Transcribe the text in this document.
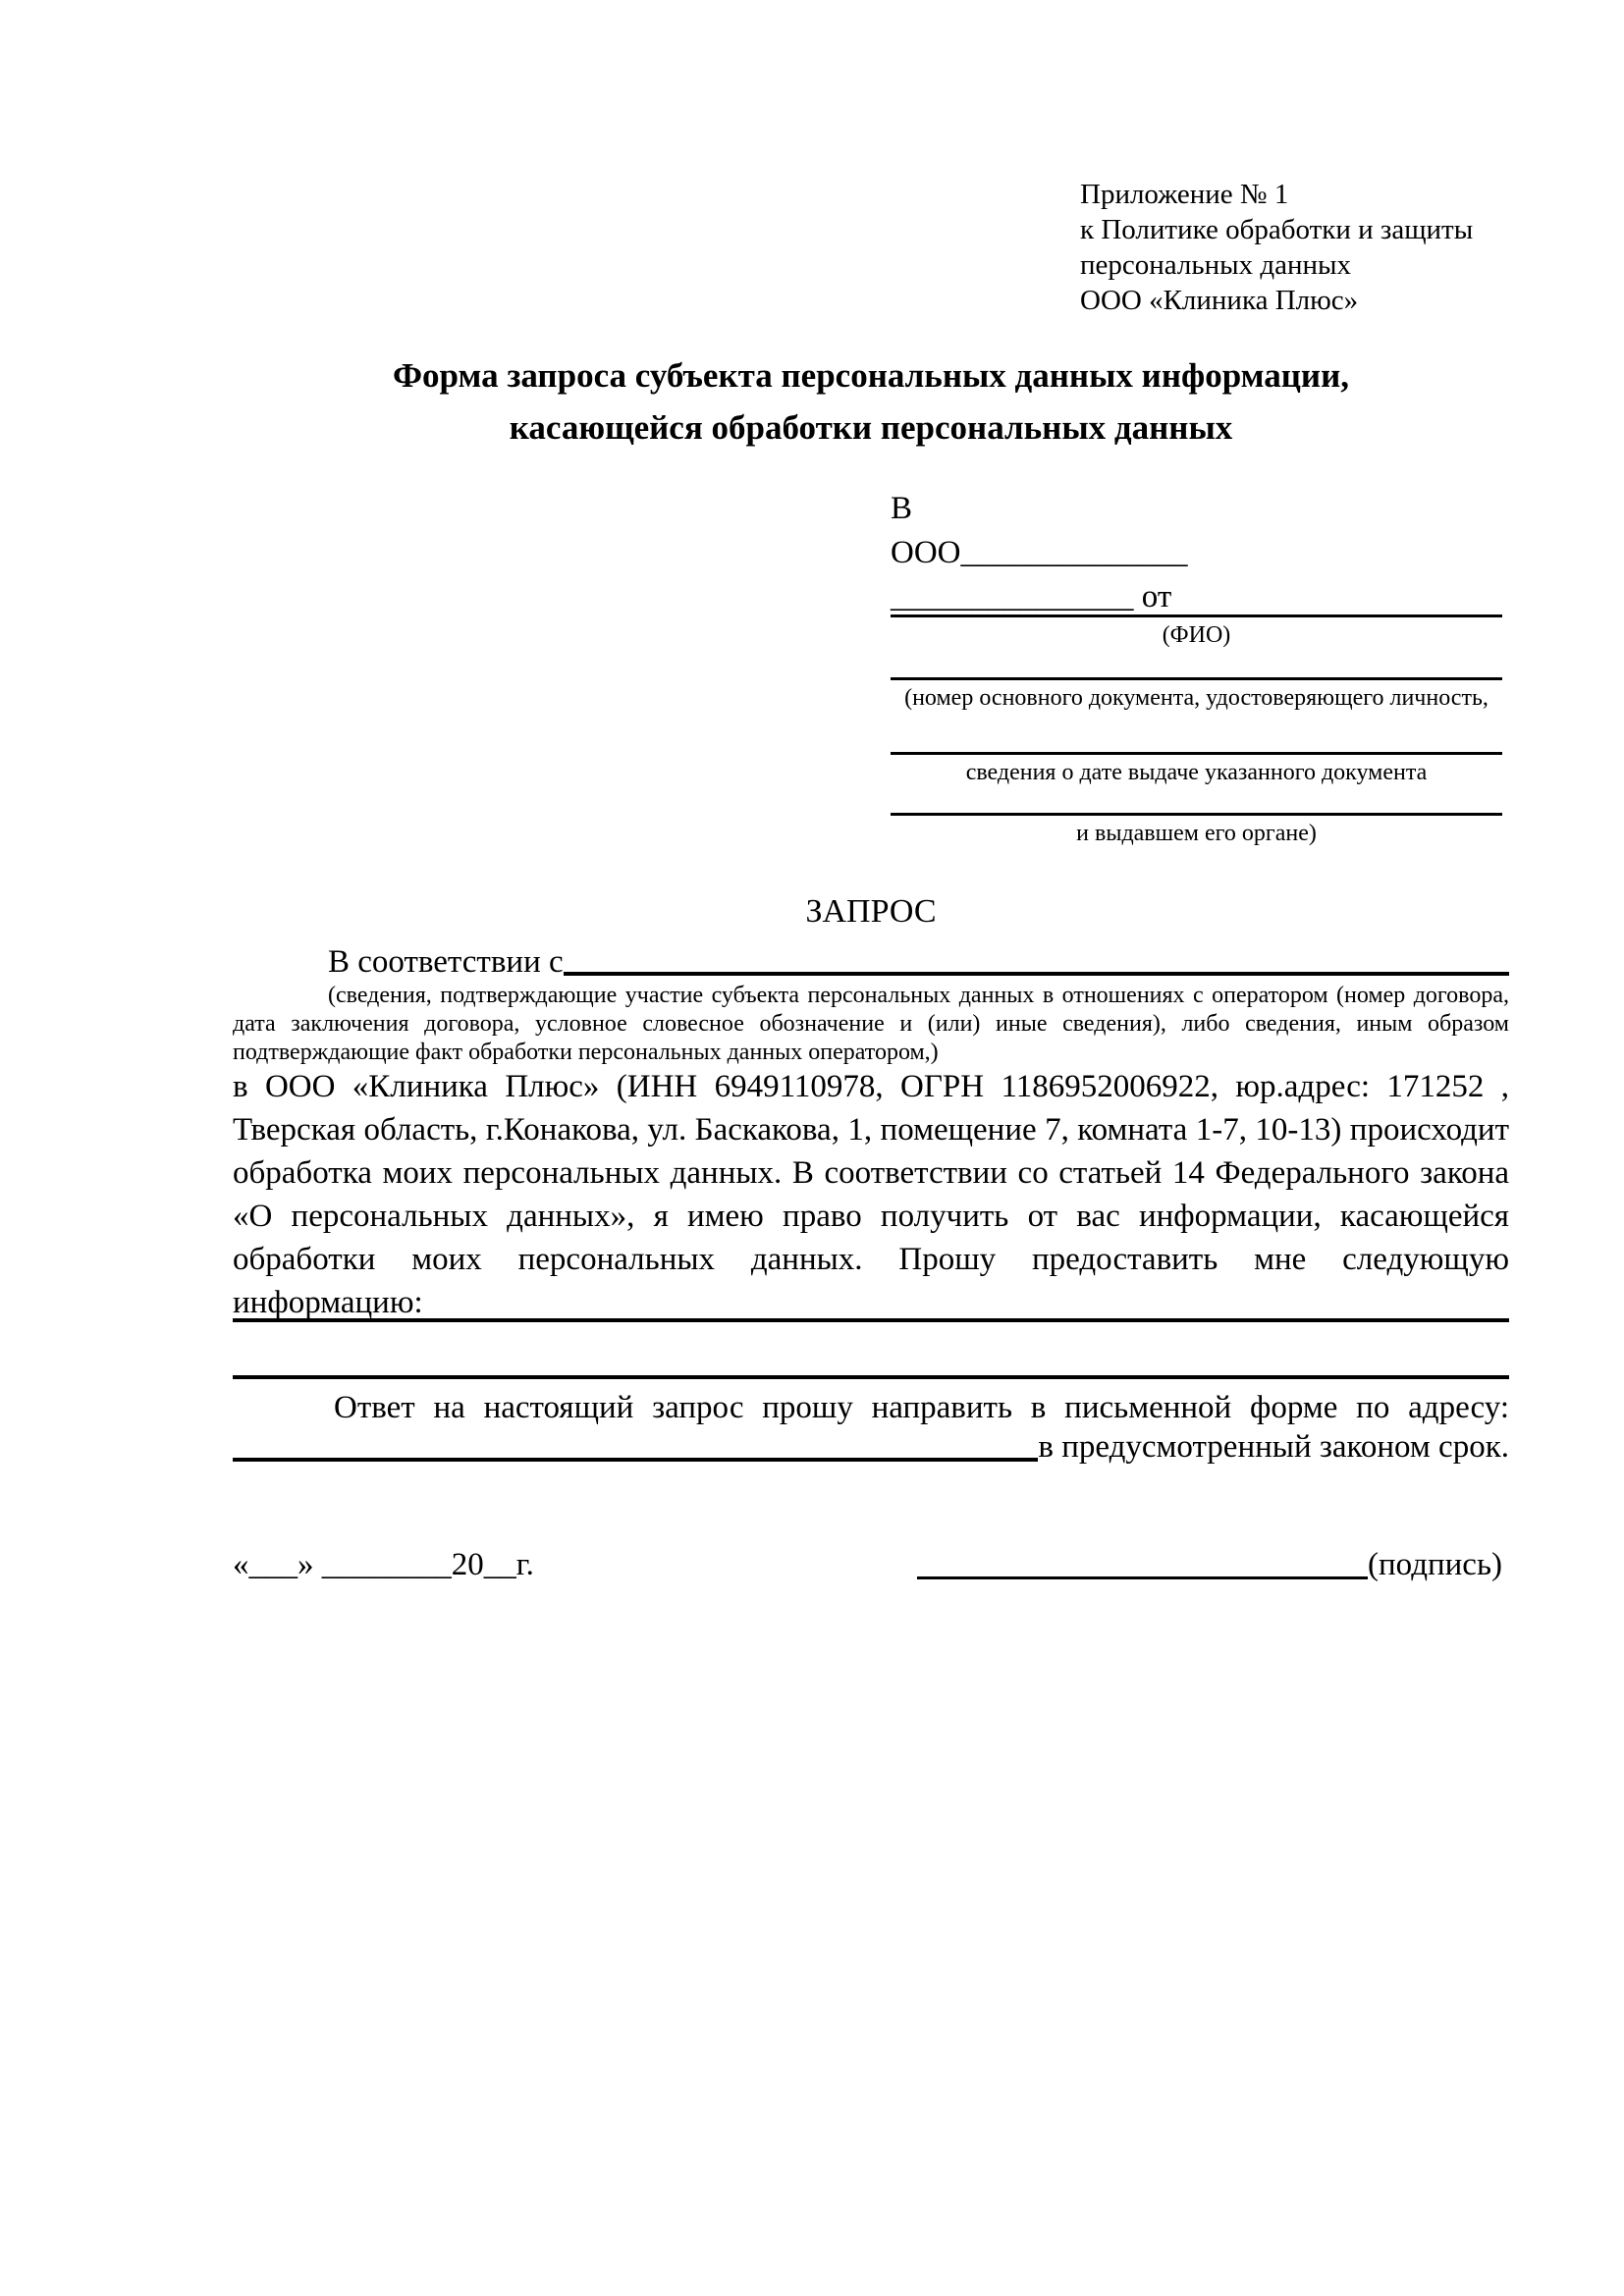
Приложение № 1
к Политике обработки и защиты
персональных данных
ООО «Клиника Плюс»
Форма запроса субъекта персональных данных информации,
касающейся обработки персональных данных
В
ООО______________
_______________ от
(ФИО)
(номер основного документа, удостоверяющего личность,
сведения о дате выдаче указанного документа
и выдавшем его органе)
ЗАПРОС
В соответствии с
(сведения, подтверждающие участие субъекта персональных данных в отношениях с оператором (номер договора, дата заключения договора, условное словесное обозначение и (или) иные сведения), либо сведения, иным образом подтверждающие факт обработки персональных данных оператором,)
в ООО «Клиника Плюс» (ИНН 6949110978, ОГРН 1186952006922, юр.адрес: 171252 , Тверская область, г.Конакова, ул. Баскакова, 1, помещение 7, комната 1-7, 10-13) происходит обработка моих персональных данных. В соответствии со статьей 14 Федерального закона «О персональных данных», я имею право получить от вас информации, касающейся обработки моих персональных данных. Прошу предоставить мне следующую информацию:
Ответ на настоящий запрос прошу направить в письменной форме по адресу:
в предусмотренный законом срок.
«___» ________20__г.	(подпись)
